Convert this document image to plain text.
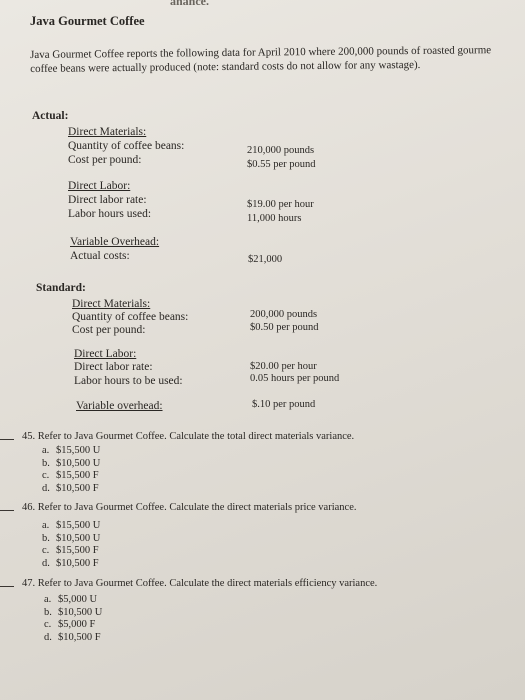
anance.
Java Gourmet Coffee
Java Gourmet Coffee reports the following data for April 2010 where 200,000 pounds of roasted gourme
coffee beans were actually produced (note: standard costs do not allow for any wastage).
Actual:
Direct Materials:
Quantity of coffee beans:	210,000 pounds
Cost per pound:	$0.55 per pound
Direct Labor:
Direct labor rate:	$19.00 per hour
Labor hours used:	11,000 hours
Variable Overhead:
Actual costs:	$21,000
Standard:
Direct Materials:
Quantity of coffee beans:	200,000 pounds
Cost per pound:	$0.50 per pound
Direct Labor:
Direct labor rate:	$20.00 per hour
Labor hours to be used:	0.05 hours per pound
Variable overhead:	$.10 per pound
45. Refer to Java Gourmet Coffee. Calculate the total direct materials variance.
a. $15,500 U
b. $10,500 U
c. $15,500 F
d. $10,500 F
46. Refer to Java Gourmet Coffee. Calculate the direct materials price variance.
a. $15,500 U
b. $10,500 U
c. $15,500 F
d. $10,500 F
47. Refer to Java Gourmet Coffee. Calculate the direct materials efficiency variance.
a. $5,000 U
b. $10,500 U
c. $5,000 F
d. $10,500 F
